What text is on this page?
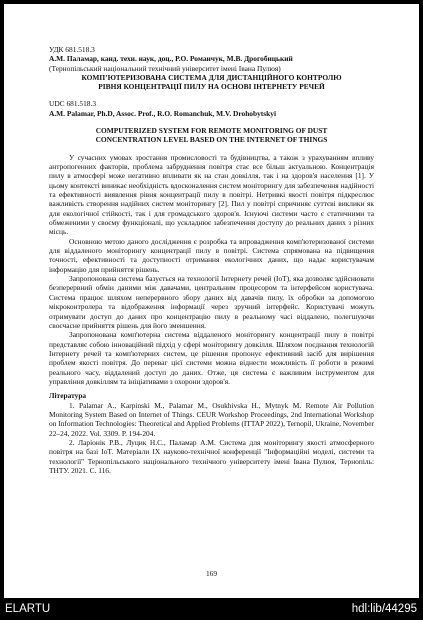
УДК 681.518.3
А.М. Паламар, канд. техн. наук, доц., Р.О. Романчук, М.В. Дрогобицький
(Тернопільський національний технічний університет імені Івана Пулюя)
КОМП’ЮТЕРИЗОВАНА СИСТЕМА ДЛЯ ДИСТАНЦІЙНОГО КОНТРОЛЮ
РІВНЯ КОНЦЕНТРАЦІЇ ПИЛУ НА ОСНОВІ ІНТЕРНЕТУ РЕЧЕЙ
UDC 681.518.3
A.M. Palamar, Ph.D, Assoc. Prof., R.O. Romanchuk, M.V. Drohobytskyi
COMPUTERIZED SYSTEM FOR REMOTE MONITORING OF DUST
CONCENTRATION LEVEL BASED ON THE INTERNET OF THINGS

У сучасних умовах зростання промисловості та будівництва, а також з урахуванням впливу антропогенних факторів, проблема забруднення повітря стає все більш актуальною. Концентрація пилу в атмосфері може негативно впливати як на стан довкілля, так і на здоров'я населення [1]. У цьому контексті виникає необхідність вдосконалення систем моніторингу для забезпечення надійності та ефективності виявлення рівня концентрації пилу в повітрі. Нетривкі якості повітря підкреслює важливість створення надійних систем моніторингу [2]. Пил у повітрі спричиняє суттєві виклики як для екологічної стійкості, так і для громадського здоров'я. Існуючі системи часто є статичними та обмеженими у своєму функціоналі, що ускладнює забезпечення доступу до реальних даних з різних місць.

Основною метою даного дослідження є розробка та впровадження комп'ютеризованої системи для віддаленого моніторингу концентрації пилу в повітрі. Система спрямована на підвищення точності, ефективності та доступності отримання екологічних даних, що надає користувачам інформацію для прийняття рішень.

Запропонована система базується на технології Інтернету речей (IoT), яка дозволяє здійснювати безперервний обмін даними між давачами, центральним процесором та інтерфейсом користувача. Система працює шляхом неперервного збору даних від давачів пилу, їх обробки за допомогою мікроконтролера та відображення інформації через зручний інтерфейс. Користувачі можуть отримувати доступ до даних про концентрацію пилу в реальному часі віддалено, полегшуючи своєчасне прийняття рішень для його зменшення.

Запропонована комп'ютерна система віддаленого моніторингу концентрації пилу в повітрі представляє собою інноваційний підхід у сфері моніторингу довкілля. Шляхом поєднання технологій Інтернету речей та комп'ютерних систем, це рішення пропонує ефективний засіб для вирішення проблем якості повітря. До переваг цієї системи можна віднести можливість її роботи в режимі реального часу, віддалений доступ до даних. Отже, ця система є важливим інструментом для управління довкіллям та ініціативами з охорони здоров'я.

Література

1. Palamar A., Karpinski M., Palamar M., Osukhivska H., Mytnyk M. Remote Air Pollution Monitoring System Based on Internet of Things. CEUR Workshop Proceedings, 2nd International Workshop on Information Technologies: Theoretical and Applied Problems (ITTAP 2022), Ternopil, Ukraine, November 22–24, 2022. Vol. 3309. P. 194-204.

2. Ларіонік Р.В., Луцик Н.С., Паламар А.М. Система для моніторингу якості атмосферного повітря на базі IoT. Матеріали IX науково-технічної конференції "Інформаційні моделі, системи та технології" Тернопільського національного технічного університету імені Івана Пулюя, Тернопіль: ТНТУ. 2021. С. 116.

169
ELARTU	hdl:lib/44295
